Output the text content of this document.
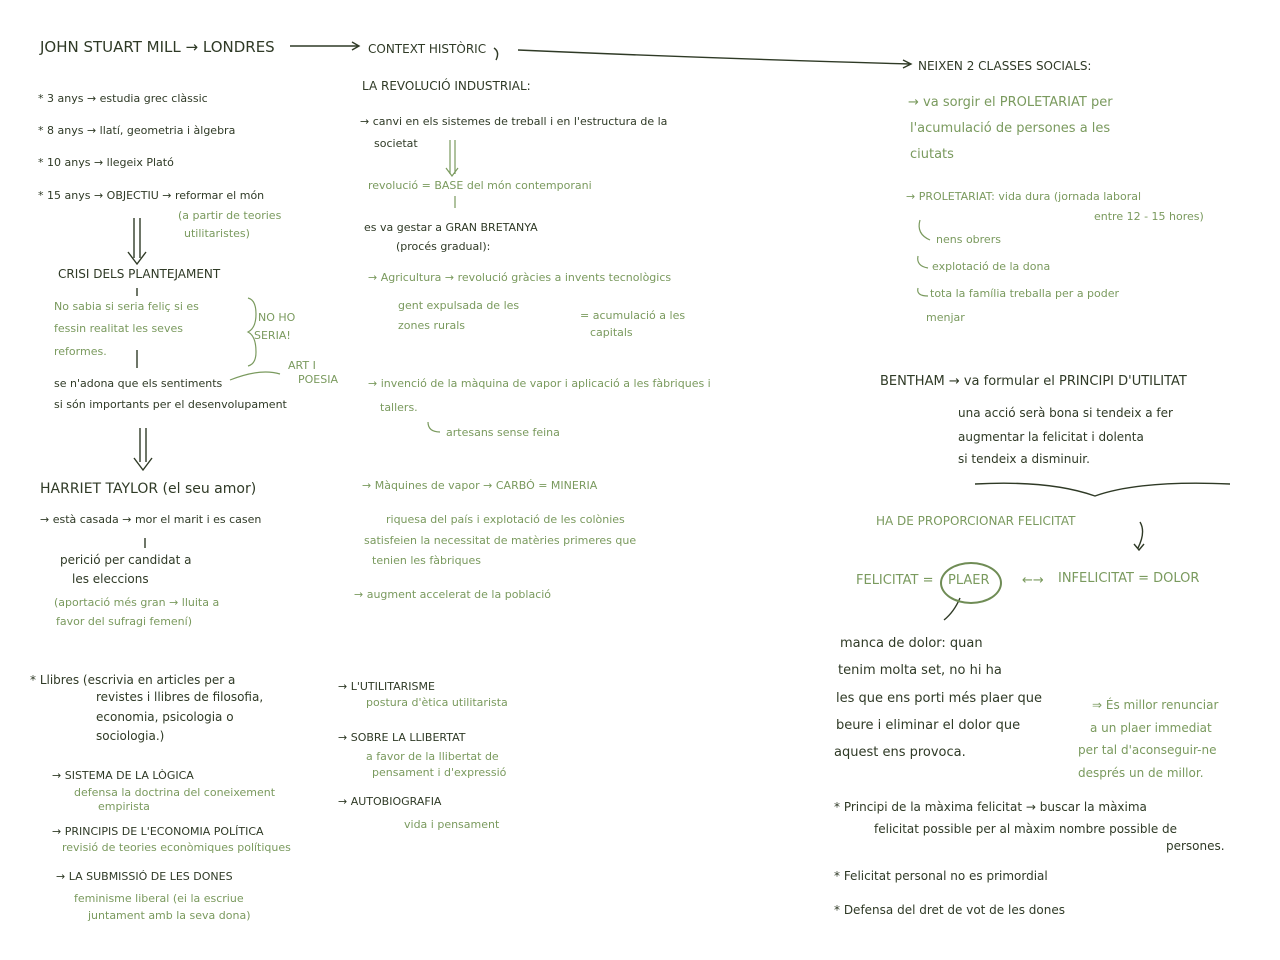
JOHN STUART MILL → LONDRES
* 3 anys → estudia grec clàssic
* 8 anys → llatí, geometria i àlgebra
* 10 anys → llegeix Plató
* 15 anys → OBJECTIU → reformar el món
(a partir de teories
utilitaristes)
CRISI DELS PLANTEJAMENT
No sabia si seria feliç si es
fessin realitat les seves
reformes.
NO HO
SERIA!
se n'adona que els sentiments
si són importants per el desenvolupament
ART I
POESIA
HARRIET TAYLOR (el seu amor)
→ està casada → mor el marit i es casen
perició per candidat a
les eleccions
(aportació més gran → lluita a
favor del sufragi femení)
* Llibres (escrivia en articles per a
revistes i llibres de filosofia,
economia, psicologia o
sociologia.)
→ SISTEMA DE LA LÒGICA
defensa la doctrina del coneixement
empirista
→ PRINCIPIS DE L'ECONOMIA POLÍTICA
revisió de teories econòmiques polítiques
→ LA SUBMISSIÓ DE LES DONES
feminisme liberal (ei la escriue
juntament amb la seva dona)
CONTEXT HISTÒRIC
LA REVOLUCIÓ INDUSTRIAL:
→ canvi en els sistemes de treball i en l'estructura de la
societat
revolució = BASE del món contemporani
es va gestar a GRAN BRETANYA
(procés gradual):
→ Agricultura → revolució gràcies a invents tecnològics
gent expulsada de les
zones rurals
= acumulació a les
capitals
→ invenció de la màquina de vapor i aplicació a les fàbriques i
tallers.
artesans sense feina
→ Màquines de vapor → CARBÓ = MINERIA
riquesa del país i explotació de les colònies
satisfeien la necessitat de matèries primeres que
tenien les fàbriques
→ augment accelerat de la població
→ L'UTILITARISME
postura d'ètica utilitarista
→ SOBRE LA LLIBERTAT
a favor de la llibertat de
pensament i d'expressió
→ AUTOBIOGRAFIA
vida i pensament
NEIXEN 2 CLASSES SOCIALS:
→ va sorgir el PROLETARIAT per
l'acumulació de persones a les
ciutats
→ PROLETARIAT: vida dura (jornada laboral
entre 12 - 15 hores)
nens obrers
explotació de la dona
tota la família treballa per a poder
menjar
BENTHAM → va formular el PRINCIPI D'UTILITAT
una acció serà bona si tendeix a fer
augmentar la felicitat i dolenta
si tendeix a disminuir.
HA DE PROPORCIONAR FELICITAT
FELICITAT = PLAER ←→ INFELICITAT = DOLOR
manca de dolor: quan
tenim molta set, no hi ha
les que ens porti més plaer que
beure i eliminar el dolor que
aquest ens provoca.
⇒ És millor renunciar
a un plaer immediat
per tal d'aconseguir-ne
després un de millor.
* Principi de la màxima felicitat → buscar la màxima
felicitat possible per al màxim nombre possible de
persones.
* Felicitat personal no es primordial
* Defensa del dret de vot de les dones
